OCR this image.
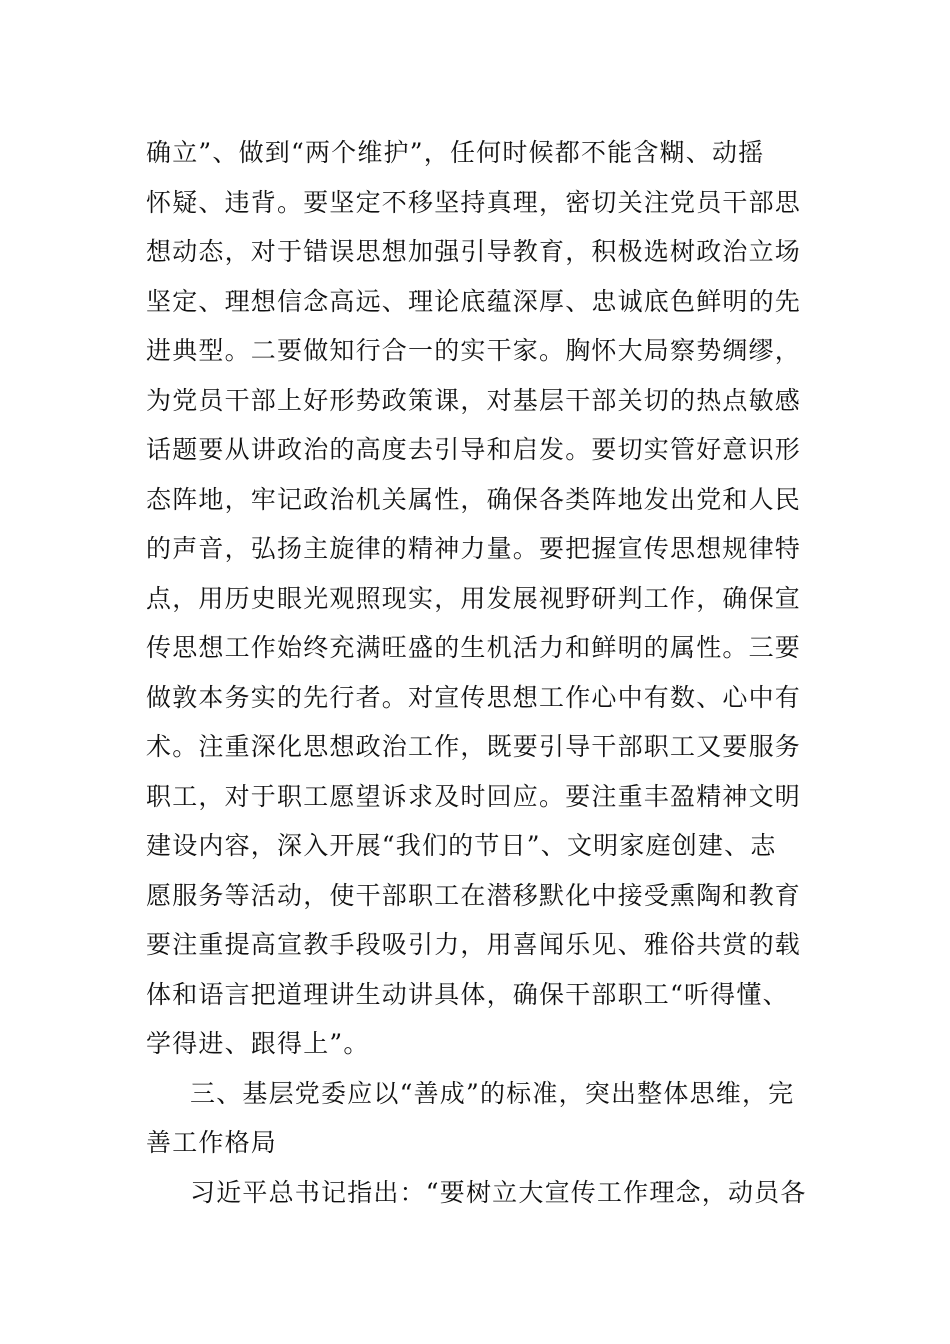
确立”、做到“两个维护”，任何时候都不能含糊、动摇
怀疑、违背。要坚定不移坚持真理，密切关注党员干部思
想动态，对于错误思想加强引导教育，积极选树政治立场
坚定、理想信念高远、理论底蕴深厚、忠诚底色鲜明的先
进典型。二要做知行合一的实干家。胸怀大局察势绸缪，
为党员干部上好形势政策课，对基层干部关切的热点敏感
话题要从讲政治的高度去引导和启发。要切实管好意识形
态阵地，牢记政治机关属性，确保各类阵地发出党和人民
的声音，弘扬主旋律的精神力量。要把握宣传思想规律特
点，用历史眼光观照现实，用发展视野研判工作，确保宣
传思想工作始终充满旺盛的生机活力和鲜明的属性。三要
做敦本务实的先行者。对宣传思想工作心中有数、心中有
术。注重深化思想政治工作，既要引导干部职工又要服务
职工，对于职工愿望诉求及时回应。要注重丰盈精神文明
建设内容，深入开展“我们的节日”、文明家庭创建、志
愿服务等活动，使干部职工在潜移默化中接受熏陶和教育
要注重提高宣教手段吸引力，用喜闻乐见、雅俗共赏的载
体和语言把道理讲生动讲具体，确保干部职工“听得懂、
学得进、跟得上”。
三、基层党委应以“善成”的标准，突出整体思维，完
善工作格局
习近平总书记指出：“要树立大宣传工作理念，动员各
